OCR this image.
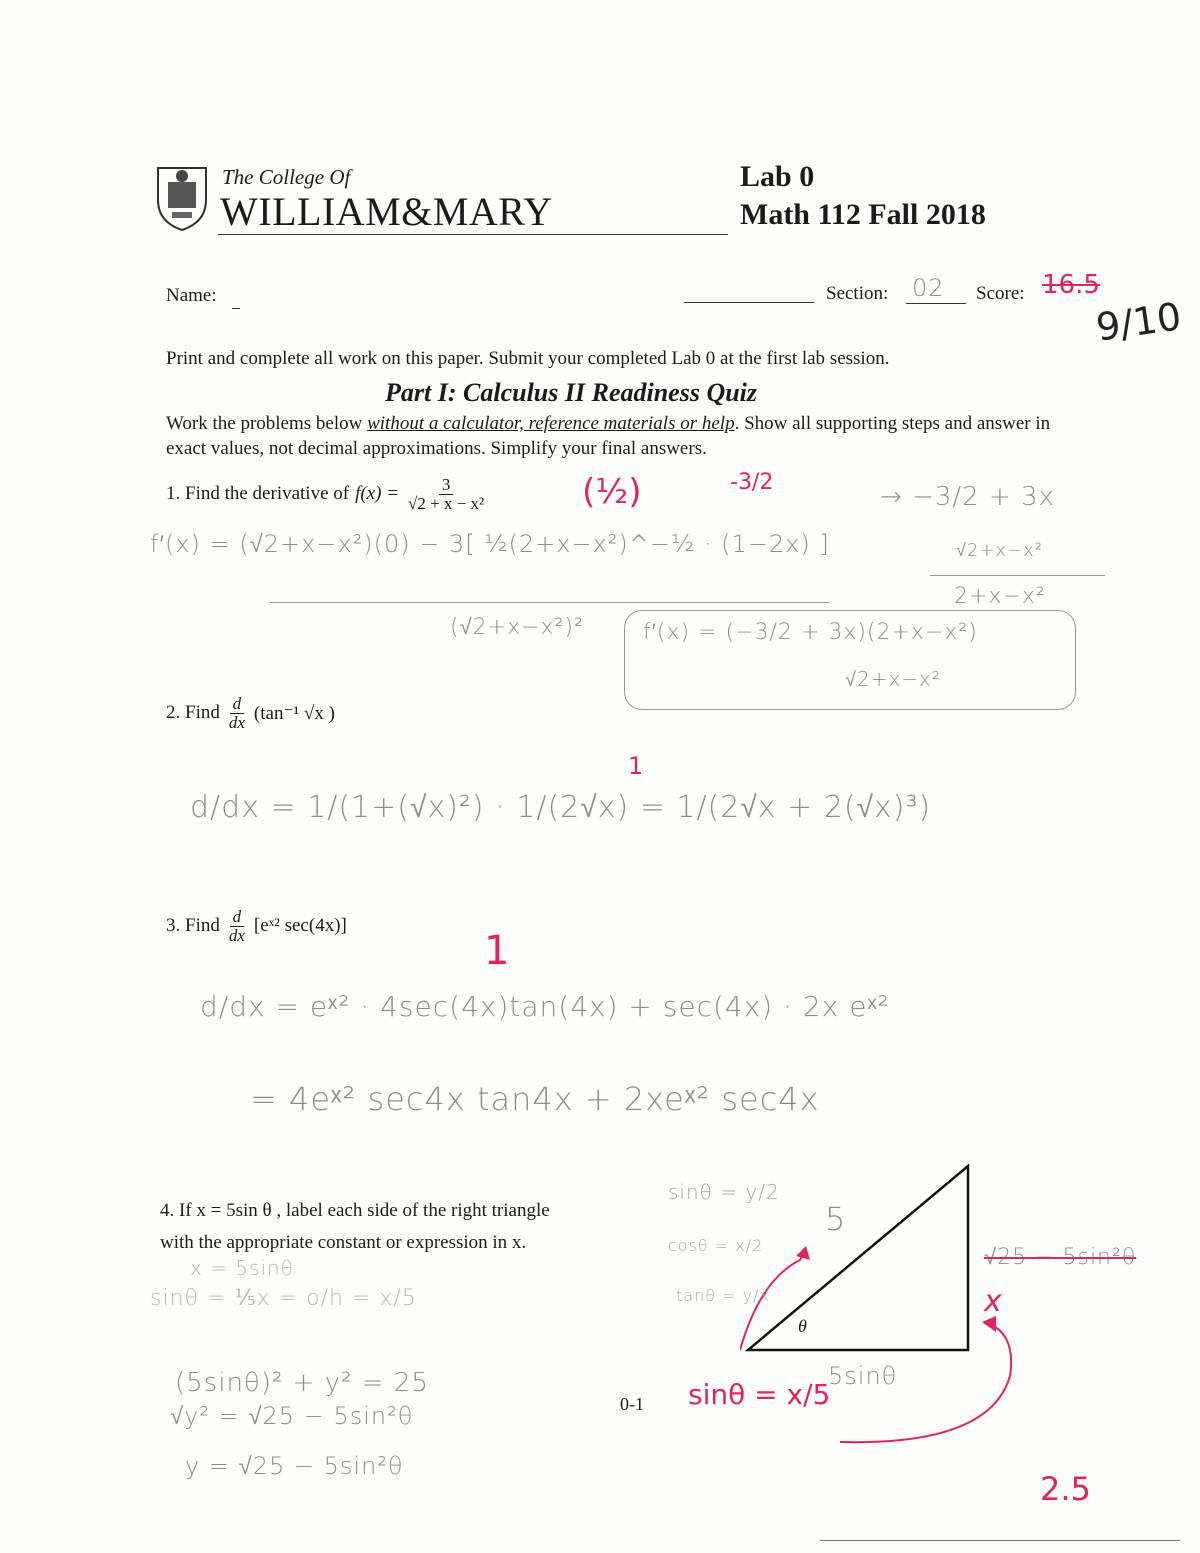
The College Of
WILLIAM&MARY
Lab 0
Math 112 Fall 2018
Name:	Section: 02 Score: 16.5
9/10
Print and complete all work on this paper. Submit your completed Lab 0 at the first lab session.
Part I: Calculus II Readiness Quiz
Work the problems below without a calculator, reference materials or help. Show all supporting steps and answer in exact values, not decimal approximations. Simplify your final answers.
1. Find the derivative of $f(x) = \frac{3}{\text{√2 + x − x²}}$	(½)	-3/2
f′(x) = (√2+x−x²)(0) − 3[ ½(2+x−x²)^−½ · (1−2x) ]
(√2+x−x²)²
→ −3/2 + 3x
√2+x−x²
2+x−x²
f′(x) = (−3/2 + 3x)(2+x−x²)
√2+x−x²
2. Find $\frac{d}{dx} (\tan^{-1}$ √x )
d/dx = 1/(1+(√x)²) · 1/(2√x) = 1/(2√x + 2(√x)³)
1
3. Find $\frac{d}{dx}$ [eˣ² sec(4x)]
1
d/dx = eˣ² · 4sec(4x)tan(4x) + sec(4x) · 2x eˣ²
= 4eˣ² sec4x tan4x + 2xeˣ² sec4x
4. If x = 5sin θ , label each side of the right triangle
with the appropriate constant or expression in x.
x = 5sinθ
sinθ = ⅕x = o/h = x/5
(5sinθ)² + y² = 25
√y² = √25 − 5sin²θ
y = √25 − 5sin²θ
θ
5
5sinθ
sinθ = y/2
cosθ = x/2
tanθ = y/x
√25 − 5sin²θ
x
sinθ = x/5
2.5
0-1
